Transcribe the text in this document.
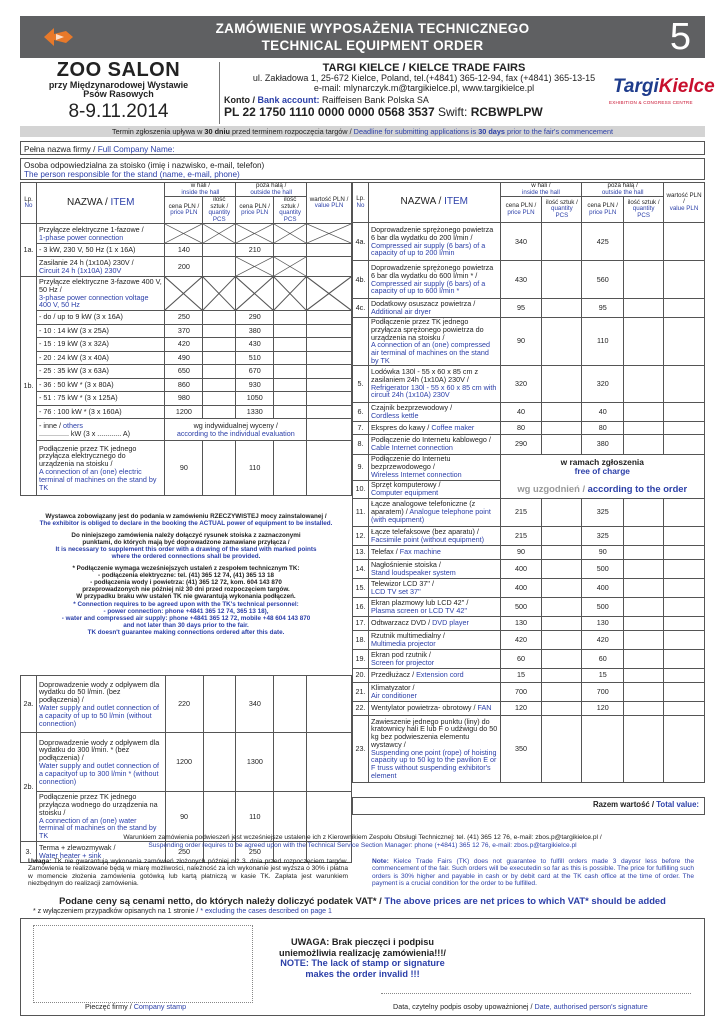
ZAMÓWIENIE WYPOSAŻENIA TECHNICZNEGO
TECHNICAL EQUIPMENT ORDER	5
ZOO SALON
przy Międzynarodowej Wystawie
Psów Rasowych
8-9.11.2014
TARGI KIELCE / KIELCE TRADE FAIRS
ul. Zakładowa 1, 25-672 Kielce, Poland, tel.(+4841) 365-12-94, fax (+4841) 365-13-15
e-mail: mlynarczyk.m@targikielce.pl, www.targikielce.pl
Konto / Bank account: Raiffeisen Bank Polska SA
PL 22 1750 1110 0000 0000 0568 3537 Swift: RCBWPLPW
TargiKielce
EXHIBITION & CONGRESS CENTRE
Termin zgłoszenia upływa w 30 dniu przed terminem rozpoczęcia targów / Deadline for submitting applications is 30 days prior to the fair's commencement
Pełna nazwa firmy / Full Company Name:
Osoba odpowiedzialna za stoisko (imię i nazwisko, e-mail, telefon)
The person responsible for the stand (name, e-mail, phone)
Lp.
No	NAZWA / ITEM	w hali /
inside the hall		poza halą /
outside the hall		wartość PLN /
value PLN
		cena PLN /
price PLN	ilość sztuk /
quantity PCS	cena PLN /
price PLN	ilość sztuk /
quantity PCS	
1a.	Przyłącze elektryczne 1-fazowe /
1-phase power connection	

	- 3 kW, 230 V, 50 Hz (1 x 16A)	140		210		
	Zasilanie 24 h (1x10A) 230V /
Circuit 24 h (1x10A) 230V	200		

1b.	Przyłącze elektryczne 3-fazowe 400 V, 50 Hz /
3-phase power connection voltage 400 V, 50 Hz	

	- do / up to 9 kW (3 x 16A)	250		290		
	- 10 : 14 kW (3 x 25A)	370		380		
	- 15 : 19 kW (3 x 32A)	420		430		
	- 20 : 24 kW (3 x 40A)	490		510		
	- 25 : 35 kW (3 x 63A)	650		670		
	- 36 : 50 kW * (3 x 80A)	860		930		
	- 51 : 75 kW * (3 x 125A)	980		1050		
	- 76 : 100 kW * (3 x 160A)	1200		1330		
	- inne / others
............... kW (3 x ............ A)	wg indywidualnej wyceny /
according to the individual evaluation				
	Podłączenie przez TK jednego przyłącza elektrycznego do urządzenia na stoisku /
A connection of an (one) electric terminal of machines on the stand by TK	90		110		
Wystawca zobowiązany jest do podania w zamówieniu RZECZYWISTEJ mocy zainstalowanej /
The exhibitor is obliged to declare in the booking the ACTUAL power of equipment to be installed.
Do niniejszego zamówienia należy dołączyć rysunek stoiska z zaznaczonymi punktami, do których mają być doprowadzone zamawiane przyłącza /
It is necessary to supplement this order with a drawing of the stand with marked points where the ordered connections shall be provided.
* Podłączenie wymaga wcześniejszych ustaleń z zespołem technicznym TK:
- podłączenia elektryczne: tel. (41) 365 12 74, (41) 365 13 18
- podłączenia wody i powietrza: (41) 365 12 72, kom. 604 143 870
przeprowadzonych nie później niż 30 dni przed rozpoczęciem targów.
W przypadku braku w/w ustaleń TK nie gwarantują wykonania podłączeń.
* Connection requires to be agreed upon with the TK's technical personnel:
- power connection: phone +4841 365 12 74, 365 13 18),
- water and compressed air supply: phone +4841 365 12 72, mobile +48 604 143 870
and not later than 30 days prior to the fair.
TK doesn't guarantee making connections ordered after this date.
2a.	Doprowadzenie wody z odpływem dla wydatku do 50 l/min. (bez podłączenia) /
Water supply and outlet connection of a capacity of up to 50 l/min (without connection)	220		340		
2b.	Doprowadzenie wody z odpływem dla wydatku do 300 l/min. * (bez podłączenia) /
Water supply and outlet connection of a capacityof up to 300 l/min * (without connection)	1200		1300		
	Podłączenie przez TK jednego przyłącza wodnego do urządzenia na stoisku /
A connection of an (one) water terminal of machines on the stand by TK	90		110		
3.	Terma + zlewozmywak /
Water heater + sink	250		250		
Lp.
No	NAZWA / ITEM	w hali /
inside the hall		poza halą /
outside the hall		wartość PLN /
value PLN
		cena PLN /
price PLN	ilość sztuk /
quantity PCS	cena PLN /
price PLN	ilość sztuk /
quantity PCS	
4a.	Doprowadzenie sprężonego powietrza 6 bar dla wydatku do 200 l/min /
Compressed air supply (6 bars) of a capacity of up to 200 l/min	340		425		
4b.	Doprowadzenie sprężonego powietrza 6 bar dla wydatku do 600 l/min * /
Compressed air supply (6 bars) of a capacity of up to 600 l/min *	430		560		
4c.	Dodatkowy osuszacz powietrza /
Additional air dryer	95		95		
	Podłączenie przez TK jednego przyłącza sprężonego powietrza do urządzenia na stoisku /
A connection of an (one) compressed air terminal of machines on the stand by TK	90		110		
5.	Lodówka 130l - 55 x 60 x 85 cm z zasilaniem 24h (1x10A) 230V /
Refrigerator 130l - 55 x 60 x 85 cm with circuit 24h (1x10A) 230V	320		320		
6.	Czajnik bezprzewodowy /
Cordless kettle	40		40		
7.	Ekspres do kawy / Coffee maker	80		80		
8.	Podłączenie do Internetu kablowego /
Cable Internet connection	290		380		
9.	Podłączenie do Internetu bezprzewodowego /
Wireless Internet connection	w ramach zgłoszenia
free of charge				
10.	Sprzęt komputerowy /
Computer equipment	wg uzgodnień / according to the order				
11.	Łącze analogowe telefoniczne (z aparatem) / Analogue telephone point (with equipment)	215		325		
12.	Łącze telefaksowe (bez aparatu) /
Facsimile point (without equipment)	215		325		
13.	Telefax / Fax machine	90		90		
14.	Nagłośnienie stoiska /
Stand loudspeaker system	400		500		
15.	Telewizor LCD 37'' /
LCD TV set 37''	400		400		
16.	Ekran plazmowy lub LCD 42'' /
Plasma screen or LCD TV 42''	500		500		
17.	Odtwarzacz DVD / DVD player	130		130		
18.	Rzutnik multimedialny /
Multimedia projector	420		420		
19.	Ekran pod rzutnik /
Screen for projector	60		60		
20.	Przedłużacz / Extension cord	15		15		
21.	Klimatyzator /
Air conditioner	700		700		
22.	Wentylator powietrza- obrotowy / FAN	120		120		
23.	Zawieszenie jednego punktu (liny) do kratownicy hali E lub F o udźwigu do 50 kg bez podwieszenia elementu wystawcy /
Suspending one point (rope) of hoisting capacity up to 50 kg to the pavilion E or F truss without suspending exhibitor's element	350				
Razem wartość / Total value:
Warunkiem zamówienia podwieszeń jest wcześniejsze ustalenie ich z Kierownikiem Zespołu Obsługi Technicznej: tel. (41) 365 12 76, e-mail: zbos.p@targikielce.pl /
Suspending order requires to be agreed upon with the Technical Service Section Manager: phone (+4841) 365 12 76, e-mail: zbos.p@targikielce.pl
Uwaga: TK nie gwarantują wykonania zamówień złożonych później niż 3. dnia przed rozpoczęciem targów. Zamówienia te realizowane będą w miarę możliwości, należność za ich wykonanie jest wyższa o 30% i płatna w momencie złożenia zamówienia gotówką lub kartą płatniczą w kasie TK. Zapłata jest warunkiem niezbędnym do realizacji zamówienia.
Note: Kielce Trade Fairs (TK) does not guarantee to fulfill orders made 3 dayosr less before the commencement of the fair. Such orders will be executedin so far as this is possible. The price for fulfilling such orders is 30% higher and payable in cash or by debit card at the TK cash office at the time of order. The payment is a crucial condition for the order to be fulfilled.
Podane ceny są cenami netto, do których należy doliczyć podatek VAT* / The above prices are net prices to which VAT* should be added
* z wyłączeniem przypadków opisanych na 1 stronie / * excluding the cases described on page 1
UWAGA: Brak pieczęci i podpisu
uniemożliwia realizację zamówienia!!!/
NOTE: The lack of stamp or signature
makes the order invalid !!!
Pieczęć firmy / Company stamp	Data, czytelny podpis osoby upoważnionej / Date, authorised person's signature
